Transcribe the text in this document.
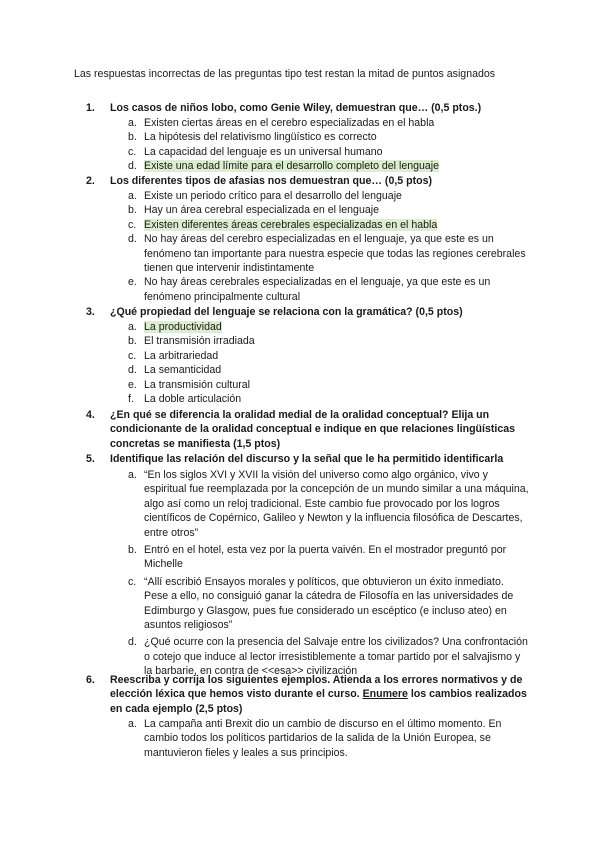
Las respuestas incorrectas de las preguntas tipo test restan la mitad de puntos asignados
1.	Los casos de niños lobo, como Genie Wiley, demuestran que… (0,5 ptos.)
a. Existen ciertas áreas en el cerebro especializadas en el habla
b. La hipótesis del relativismo lingüístico es correcto
c. La capacidad del lenguaje es un universal humano
d. Existe una edad límite para el desarrollo completo del lenguaje
2.	Los diferentes tipos de afasias nos demuestran que… (0,5 ptos)
a. Existe un periodo crítico para el desarrollo del lenguaje
b. Hay un área cerebral especializada en el lenguaje
c. Existen diferentes áreas cerebrales especializadas en el habla
d. No hay áreas del cerebro especializadas en el lenguaje, ya que este es un fenómeno tan importante para nuestra especie que todas las regiones cerebrales tienen que intervenir indistintamente
e. No hay áreas cerebrales especializadas en el lenguaje, ya que este es un fenómeno principalmente cultural
3.	¿Qué propiedad del lenguaje se relaciona con la gramática? (0,5 ptos)
a. La productividad
b. El transmisión irradiada
c. La arbitrariedad
d. La semanticidad
e. La transmisión cultural
f. La doble articulación
4.	¿En qué se diferencia la oralidad medial de la oralidad conceptual? Elija un condicionante de la oralidad conceptual e indique en que relaciones lingüísticas concretas se manifiesta (1,5 ptos)
5.	Identifique las relación del discurso y la señal que le ha permitido identificarla
a. “En los siglos XVI y XVII la visión del universo como algo orgánico, vivo y espiritual fue reemplazada por la concepción de un mundo similar a una máquina, algo así como un reloj tradicional. Este cambio fue provocado por los logros científicos de Copérnico, Galileo y Newton y la influencia filosófica de Descartes, entre otros”
b. Entró en el hotel, esta vez por la puerta vaivén. En el mostrador preguntó por Michelle
c. “Allí escribió Ensayos morales y políticos, que obtuvieron un éxito inmediato. Pese a ello, no consiguió ganar la cátedra de Filosofía en las universidades de Edimburgo y Glasgow, pues fue considerado un escéptico (e incluso ateo) en asuntos religiosos”
d. ¿Qué ocurre con la presencia del Salvaje entre los civilizados? Una confrontación o cotejo que induce al lector irresistiblemente a tomar partido por el salvajismo y la barbarie, en contra de <<esa>> civilización
6.	Reescriba y corrija los siguientes ejemplos. Atienda a los errores normativos y de elección léxica que hemos visto durante el curso. Enumere los cambios realizados en cada ejemplo (2,5 ptos)
a. La campaña anti Brexit dio un cambio de discurso en el último momento. En cambio todos los políticos partidarios de la salida de la Unión Europea, se mantuvieron fieles y leales a sus principios.
